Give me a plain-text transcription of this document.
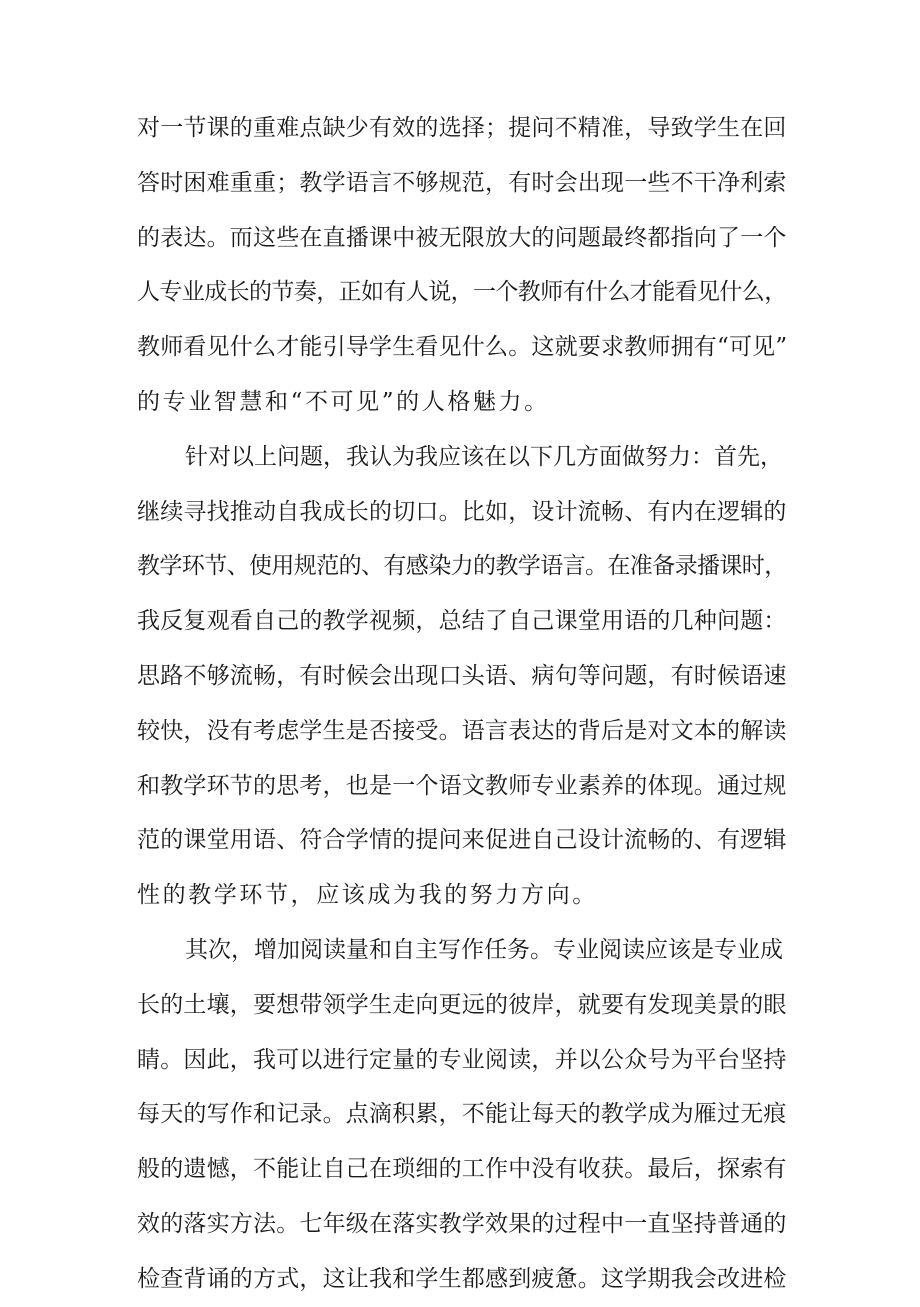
对一节课的重难点缺少有效的选择；提问不精准，导致学生在回
答时困难重重；教学语言不够规范，有时会出现一些不干净利索
的表达。而这些在直播课中被无限放大的问题最终都指向了一个
人专业成长的节奏，正如有人说，一个教师有什么才能看见什么，
教师看见什么才能引导学生看见什么。这就要求教师拥有“可见”
的专业智慧和“不可见”的人格魅力。
针对以上问题，我认为我应该在以下几方面做努力：首先，
继续寻找推动自我成长的切口。比如，设计流畅、有内在逻辑的
教学环节、使用规范的、有感染力的教学语言。在准备录播课时，
我反复观看自己的教学视频，总结了自己课堂用语的几种问题：
思路不够流畅，有时候会出现口头语、病句等问题，有时候语速
较快，没有考虑学生是否接受。语言表达的背后是对文本的解读
和教学环节的思考，也是一个语文教师专业素养的体现。通过规
范的课堂用语、符合学情的提问来促进自己设计流畅的、有逻辑
性的教学环节，应该成为我的努力方向。
其次，增加阅读量和自主写作任务。专业阅读应该是专业成
长的土壤，要想带领学生走向更远的彼岸，就要有发现美景的眼
睛。因此，我可以进行定量的专业阅读，并以公众号为平台坚持
每天的写作和记录。点滴积累，不能让每天的教学成为雁过无痕
般的遗憾，不能让自己在琐细的工作中没有收获。最后，探索有
效的落实方法。七年级在落实教学效果的过程中一直坚持普通的
检查背诵的方式，这让我和学生都感到疲惫。这学期我会改进检
